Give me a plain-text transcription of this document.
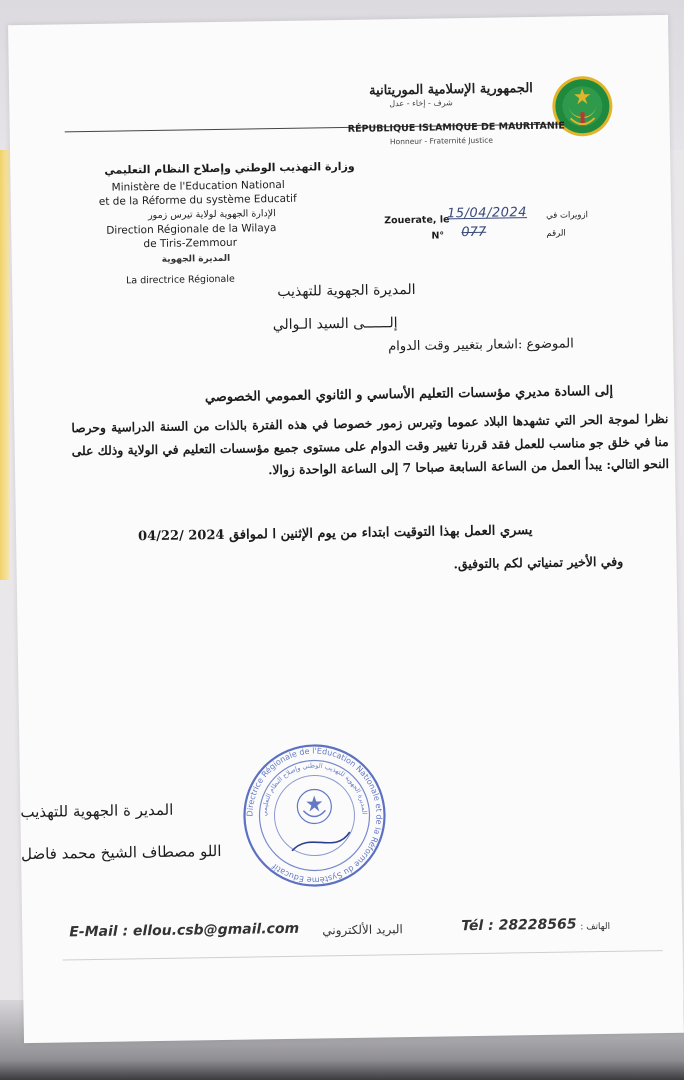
الجمهورية الإسلامية الموريتانية
شرف - إخاء - عدل
RÉPUBLIQUE ISLAMIQUE DE MAURITANIE
Honneur - Fraternité Justice
وزارة التهذيب الوطني وإصلاح النظام التعليمي
Ministère de l'Education National
et de la Réforme du système Educatif
الإدارة الجهوية لولاية تيرس زمور
Direction Régionale de la Wilaya
de Tiris-Zemmour
المديرة الجهوية
La directrice Régionale
Zouerate, le
15/04/2024 ازويرات في
N° 077	الرقم
المديرة الجهوية للتهذيب
إلــــــى السيد الـوالي
الموضوع :اشعار بتغيير وقت الدوام
إلى السادة مديري مؤسسات التعليم الأساسي و الثانوي العمومي الخصوصي
نظرا لموجة الحر التي تشهدها البلاد عموما وتيرس زمور خصوصا في هذه الفترة بالذات من السنة الدراسية وحرصا منا في خلق جو مناسب للعمل فقد قررنا تغيير وقت الدوام على مستوى جميع مؤسسات التعليم في الولاية وذلك على النحو التالي: يبدأ العمل من الساعة السابعة صباحا 7 إلى الساعة الواحدة زوالا.
يسري العمل بهذا التوقيت ابتداء من يوم الإثنين ا لموافق 2024 /04/22
وفي الأخير تمنياتي لكم بالتوفيق.
Directrice Régionale de l'Education Nationale et de la Réforme du Système Educatif
المديرة الجهوية للتهذيب الوطني وإصلاح النظام التعليمي
المدير ة الجهوية للتهذيب
اللو مصطاف الشيخ محمد فاضل
E-Mail : ellou.csb@gmail.com البريد الألكتروني	Tél : 28228565 الهاتف :
